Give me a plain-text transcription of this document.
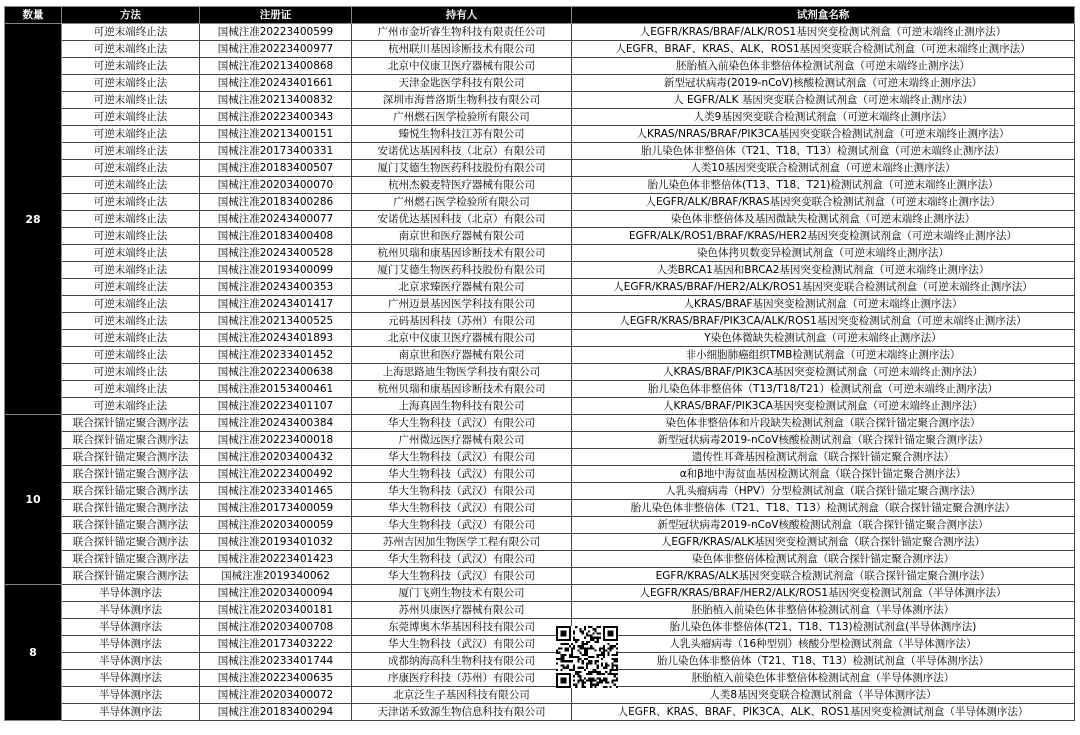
数量	方法	注册证	持有人	试剂盒名称
28	可逆末端终止法	国械注准20223400599	广州市金圻睿生物科技有限责任公司	人EGFR/KRAS/BRAF/ALK/ROS1基因突变检测试剂盒（可逆末端终止测序法）
	可逆末端终止法	国械注准20223400977	杭州联川基因诊断技术有限公司	人EGFR、BRAF、KRAS、ALK、ROS1基因突变联合检测试剂盒（可逆末端终止测序法）
	可逆末端终止法	国械注准20213400868	北京中仪康卫医疗器械有限公司	胚胎植入前染色体非整倍体检测试剂盒（可逆末端终止测序法）
	可逆末端终止法	国械注准20243401661	天津金匙医学科技有限公司	新型冠状病毒(2019-nCoV)核酸检测试剂盒（可逆末端终止测序法）
	可逆末端终止法	国械注准20213400832	深圳市海普洛斯生物科技有限公司	人 EGFR/ALK 基因突变联合检测试剂盒（可逆末端终止测序法）
	可逆末端终止法	国械注准20223400343	广州燃石医学检验所有限公司	人类9基因突变联合检测试剂盒（可逆末端终止测序法）
	可逆末端终止法	国械注准20213400151	臻悦生物科技江苏有限公司	人KRAS/NRAS/BRAF/PIK3CA基因突变联合检测试剂盒（可逆末端终止测序法）
	可逆末端终止法	国械注准20173400331	安诺优达基因科技（北京）有限公司	胎儿染色体非整倍体（T21、T18、T13）检测试剂盒（可逆末端终止测序法）
	可逆末端终止法	国械注准20183400507	厦门艾德生物医药科技股份有限公司	人类10基因突变联合检测试剂盒（可逆末端终止测序法）
	可逆末端终止法	国械注准20203400070	杭州杰毅麦特医疗器械有限公司	胎儿染色体非整倍体(T13、T18、T21)检测试剂盒（可逆末端终止测序法）
	可逆末端终止法	国械注准20183400286	广州燃石医学检验所有限公司	人EGFR/ALK/BRAF/KRAS基因突变联合检测试剂盒（可逆末端终止测序法）
	可逆末端终止法	国械注准20243400077	安诺优达基因科技（北京）有限公司	染色体非整倍体及基因微缺失检测试剂盒（可逆末端终止测序法）
	可逆末端终止法	国械注准20183400408	南京世和医疗器械有限公司	EGFR/ALK/ROS1/BRAF/KRAS/HER2基因突变检测试剂盒（可逆末端终止测序法）
	可逆末端终止法	国械注准20243400528	杭州贝瑞和康基因诊断技术有限公司	染色体拷贝数变异检测试剂盒（可逆末端终止测序法）
	可逆末端终止法	国械注准20193400099	厦门艾德生物医药科技股份有限公司	人类BRCA1基因和BRCA2基因突变检测试剂盒（可逆末端终止测序法）
	可逆末端终止法	国械注准20243400353	北京求臻医疗器械有限公司	人EGFR/KRAS/BRAF/HER2/ALK/ROS1基因突变联合检测试剂盒（可逆末端终止测序法）
	可逆末端终止法	国械注准20243401417	广州迈景基因医学科技有限公司	人KRAS/BRAF基因突变检测试剂盒（可逆末端终止测序法）
	可逆末端终止法	国械注准20213400525	元码基因科技（苏州）有限公司	人EGFR/KRAS/BRAF/PIK3CA/ALK/ROS1基因突变检测试剂盒（可逆末端终止测序法）
	可逆末端终止法	国械注准20243401893	北京中仪康卫医疗器械有限公司	Y染色体微缺失检测试剂盒（可逆末端终止测序法）
	可逆末端终止法	国械注准20233401452	南京世和医疗器械有限公司	非小细胞肺癌组织TMB检测试剂盒（可逆末端终止测序法）
	可逆末端终止法	国械注准20223400638	上海思路迪生物医学科技有限公司	人KRAS/BRAF/PIK3CA基因突变检测试剂盒（可逆末端终止测序法）
	可逆末端终止法	国械注准20153400461	杭州贝瑞和康基因诊断技术有限公司	胎儿染色体非整倍体（T13/T18/T21）检测试剂盒（可逆末端终止测序法）
	可逆末端终止法	国械注准20223401107	上海真固生物科技有限公司	人KRAS/BRAF/PIK3CA基因突变检测试剂盒（可逆末端终止测序法）
10	联合探针锚定聚合测序法	国械注准20243400384	华大生物科技（武汉）有限公司	染色体非整倍体和片段缺失检测试剂盒（联合探针锚定聚合测序法）
	联合探针锚定聚合测序法	国械注准20223400018	广州微远医疗器械有限公司	新型冠状病毒2019-nCoV核酸检测试剂盒（联合探针锚定聚合测序法）
	联合探针锚定聚合测序法	国械注准20203400432	华大生物科技（武汉）有限公司	遗传性耳聋基因检测试剂盒（联合探针锚定聚合测序法）
	联合探针锚定聚合测序法	国械注准20223400492	华大生物科技（武汉）有限公司	α和β地中海贫血基因检测试剂盒（联合探针锚定聚合测序法）
	联合探针锚定聚合测序法	国械注准20233401465	华大生物科技（武汉）有限公司	人乳头瘤病毒（HPV）分型检测试剂盒（联合探针锚定聚合测序法）
	联合探针锚定聚合测序法	国械注准20173400059	华大生物科技（武汉）有限公司	胎儿染色体非整倍体（T21、T18、T13）检测试剂盒（联合探针锚定聚合测序法）
	联合探针锚定聚合测序法	国械注准20203400059	华大生物科技（武汉）有限公司	新型冠状病毒2019-nCoV核酸检测试剂盒（联合探针锚定聚合测序法）
	联合探针锚定聚合测序法	国械注准20193401032	苏州吉因加生物医学工程有限公司	人EGFR/KRAS/ALK基因突变检测试剂盒（联合探针锚定聚合测序法）
	联合探针锚定聚合测序法	国械注准20223401423	华大生物科技（武汉）有限公司	染色体非整倍体检测试剂盒（联合探针锚定聚合测序法）
	联合探针锚定聚合测序法	国械注准2019340062	华大生物科技（武汉）有限公司	EGFR/KRAS/ALK基因突变联合检测试剂盒（联合探针锚定聚合测序法）
8	半导体测序法	国械注准20203400094	厦门飞朔生物技术有限公司	人EGFR/KRAS/BRAF/HER2/ALK/ROS1基因突变检测试剂盒（半导体测序法）
	半导体测序法	国械注准20203400181	苏州贝康医疗器械有限公司	胚胎植入前染色体非整倍体检测试剂盒（半导体测序法）
	半导体测序法	国械注准20203400708	东莞博奥木华基因科技有限公司	胎儿染色体非整倍体(T21、T18、T13)检测试剂盒(半导体测序法)
	半导体测序法	国械注准20173403222	华大生物科技（武汉）有限公司	人乳头瘤病毒（16种型别）核酸分型检测试剂盒（半导体测序法）
	半导体测序法	国械注准20233401744	成都纳海高科生物科技有限公司	胎儿染色体非整倍体（T21、T18、T13）检测试剂盒（半导体测序法）
	半导体测序法	国械注准20223400635	序康医疗科技（苏州）有限公司	胚胎植入前染色体非整倍体检测试剂盒（半导体测序法）
	半导体测序法	国械注准20203400072	北京泛生子基因科技有限公司	人类8基因突变联合检测试剂盒（半导体测序法）
	半导体测序法	国械注准20183400294	天津诺禾致源生物信息科技有限公司	人EGFR、KRAS、BRAF、PIK3CA、ALK、ROS1基因突变检测试剂盒（半导体测序法）
